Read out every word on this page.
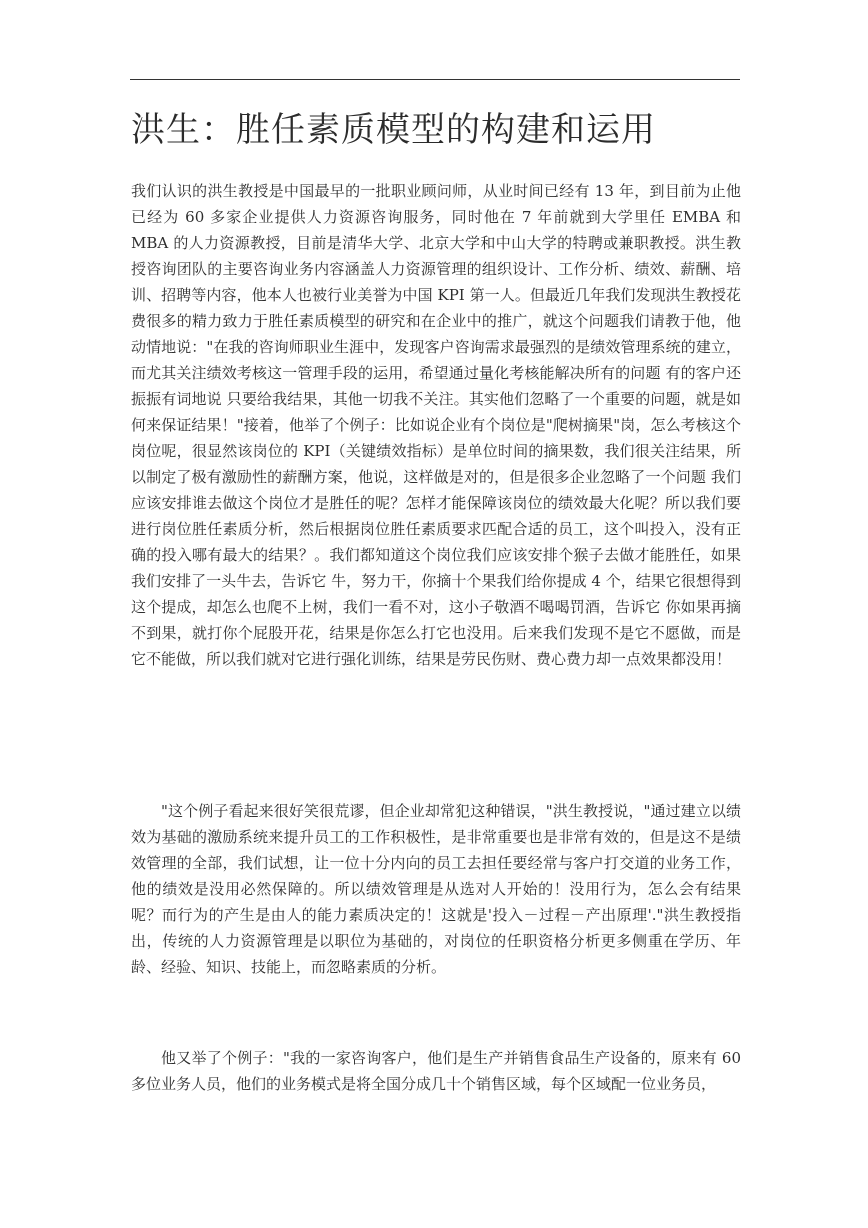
洪生：胜任素质模型的构建和运用

我们认识的洪生教授是中国最早的一批职业顾问师，从业时间已经有 13 年，到目前为止他已经为 60 多家企业提供人力资源咨询服务，同时他在 7 年前就到大学里任 EMBA 和 MBA 的人力资源教授，目前是清华大学、北京大学和中山大学的特聘或兼职教授。洪生教授咨询团队的主要咨询业务内容涵盖人力资源管理的组织设计、工作分析、绩效、薪酬、培训、招聘等内容，他本人也被行业美誉为中国 KPI 第一人。但最近几年我们发现洪生教授花费很多的精力致力于胜任素质模型的研究和在企业中的推广，就这个问题我们请教于他，他动情地说："在我的咨询师职业生涯中，发现客户咨询需求最强烈的是绩效管理系统的建立，而尤其关注绩效考核这一管理手段的运用，希望通过量化考核能解决所有的问题 有的客户还振振有词地说 只要给我结果，其他一切我不关注。其实他们忽略了一个重要的问题，就是如何来保证结果！"接着，他举了个例子：比如说企业有个岗位是"爬树摘果"岗，怎么考核这个岗位呢，很显然该岗位的 KPI（关键绩效指标）是单位时间的摘果数，我们很关注结果，所以制定了极有激励性的薪酬方案，他说，这样做是对的，但是很多企业忽略了一个问题 我们应该安排谁去做这个岗位才是胜任的呢？怎样才能保障该岗位的绩效最大化呢？所以我们要进行岗位胜任素质分析，然后根据岗位胜任素质要求匹配合适的员工，这个叫投入，没有正确的投入哪有最大的结果？。我们都知道这个岗位我们应该安排个猴子去做才能胜任，如果我们安排了一头牛去，告诉它 牛，努力干，你摘十个果我们给你提成 4 个，结果它很想得到这个提成，却怎么也爬不上树，我们一看不对，这小子敬酒不喝喝罚酒，告诉它 你如果再摘不到果，就打你个屁股开花，结果是你怎么打它也没用。后来我们发现不是它不愿做，而是它不能做，所以我们就对它进行强化训练，结果是劳民伤财、费心费力却一点效果都没用！

"这个例子看起来很好笑很荒谬，但企业却常犯这种错误，"洪生教授说，"通过建立以绩效为基础的激励系统来提升员工的工作积极性，是非常重要也是非常有效的，但是这不是绩效管理的全部，我们试想，让一位十分内向的员工去担任要经常与客户打交道的业务工作，他的绩效是没用必然保障的。所以绩效管理是从选对人开始的！没用行为，怎么会有结果呢？而行为的产生是由人的能力素质决定的！这就是'投入－过程－产出原理'."洪生教授指出，传统的人力资源管理是以职位为基础的，对岗位的任职资格分析更多侧重在学历、年龄、经验、知识、技能上，而忽略素质的分析。

他又举了个例子："我的一家咨询客户，他们是生产并销售食品生产设备的，原来有 60 多位业务人员，他们的业务模式是将全国分成几十个销售区域，每个区域配一位业务员，
